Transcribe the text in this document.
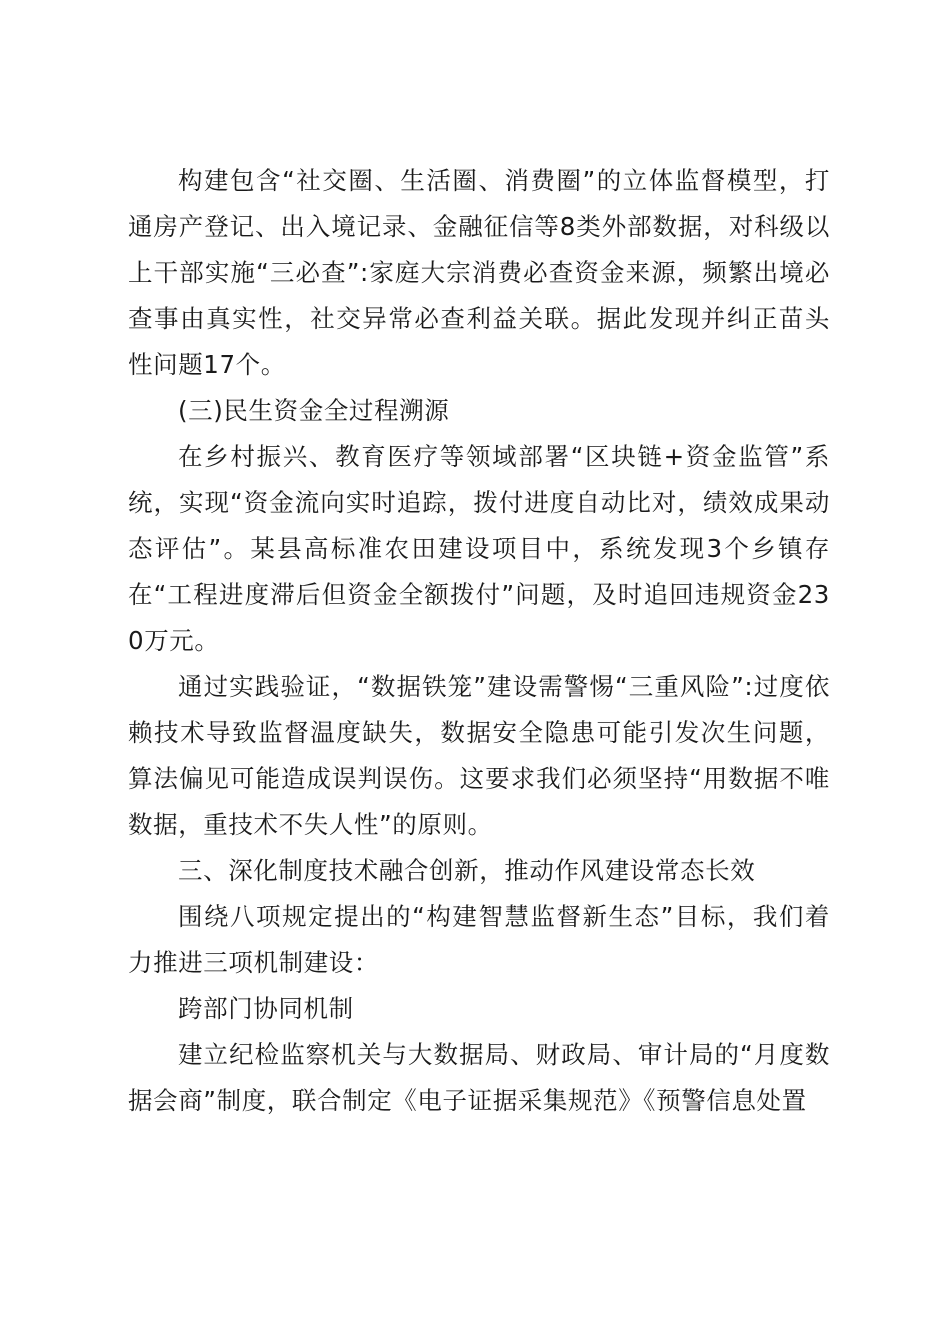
构建包含“社交圈、生活圈、消费圈”的立体监督模型，打通房产登记、出入境记录、金融征信等8类外部数据，对科级以上干部实施“三必查”:家庭大宗消费必查资金来源，频繁出境必查事由真实性，社交异常必查利益关联。据此发现并纠正苗头性问题17个。

(三)民生资金全过程溯源

在乡村振兴、教育医疗等领域部署“区块链+资金监管”系统，实现“资金流向实时追踪，拨付进度自动比对，绩效成果动态评估”。某县高标准农田建设项目中，系统发现3个乡镇存在“工程进度滞后但资金全额拨付”问题，及时追回违规资金230万元。

通过实践验证，“数据铁笼”建设需警惕“三重风险”:过度依赖技术导致监督温度缺失，数据安全隐患可能引发次生问题，算法偏见可能造成误判误伤。这要求我们必须坚持“用数据不唯数据，重技术不失人性”的原则。

三、深化制度技术融合创新，推动作风建设常态长效

围绕八项规定提出的“构建智慧监督新生态”目标，我们着力推进三项机制建设：

跨部门协同机制

建立纪检监察机关与大数据局、财政局、审计局的“月度数据会商”制度，联合制定《电子证据采集规范》《预警信息处置
